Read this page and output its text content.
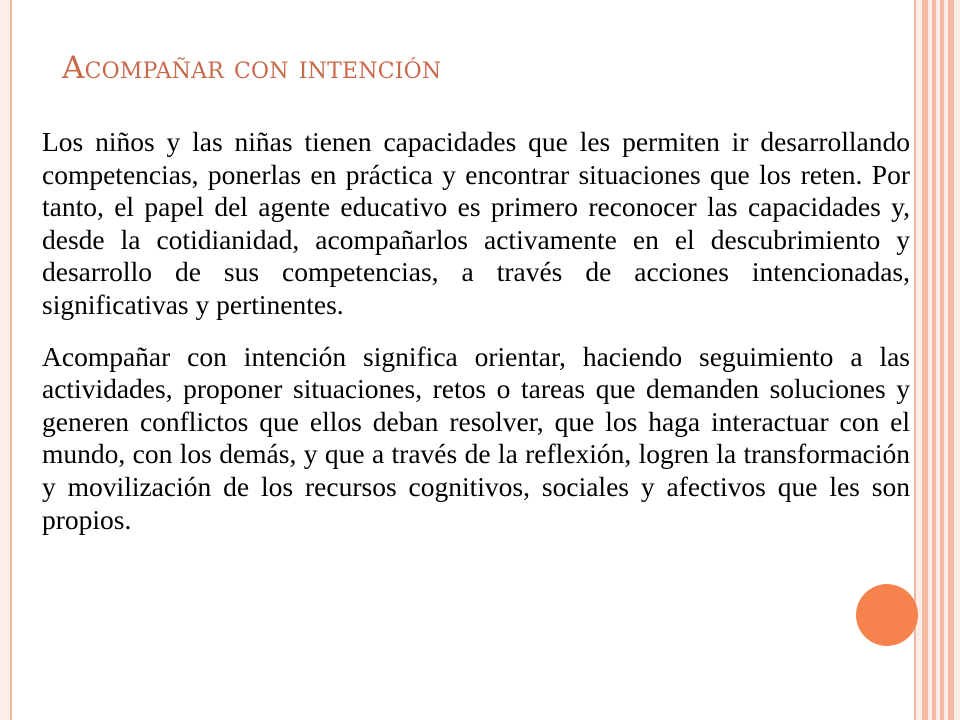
Acompañar con intención

Los niños y las niñas tienen capacidades que les permiten ir desarrollando competencias, ponerlas en práctica y encontrar situaciones que los reten. Por tanto, el papel del agente educativo es primero reconocer las capacidades y, desde la cotidianidad, acompañarlos activamente en el descubrimiento y desarrollo de sus competencias, a través de acciones intencionadas, significativas y pertinentes.

Acompañar con intención significa orientar, haciendo seguimiento a las actividades, proponer situaciones, retos o tareas que demanden soluciones y generen conflictos que ellos deban resolver, que los haga interactuar con el mundo, con los demás, y que a través de la reflexión, logren la transformación y movilización de los recursos cognitivos, sociales y afectivos que les son propios.
